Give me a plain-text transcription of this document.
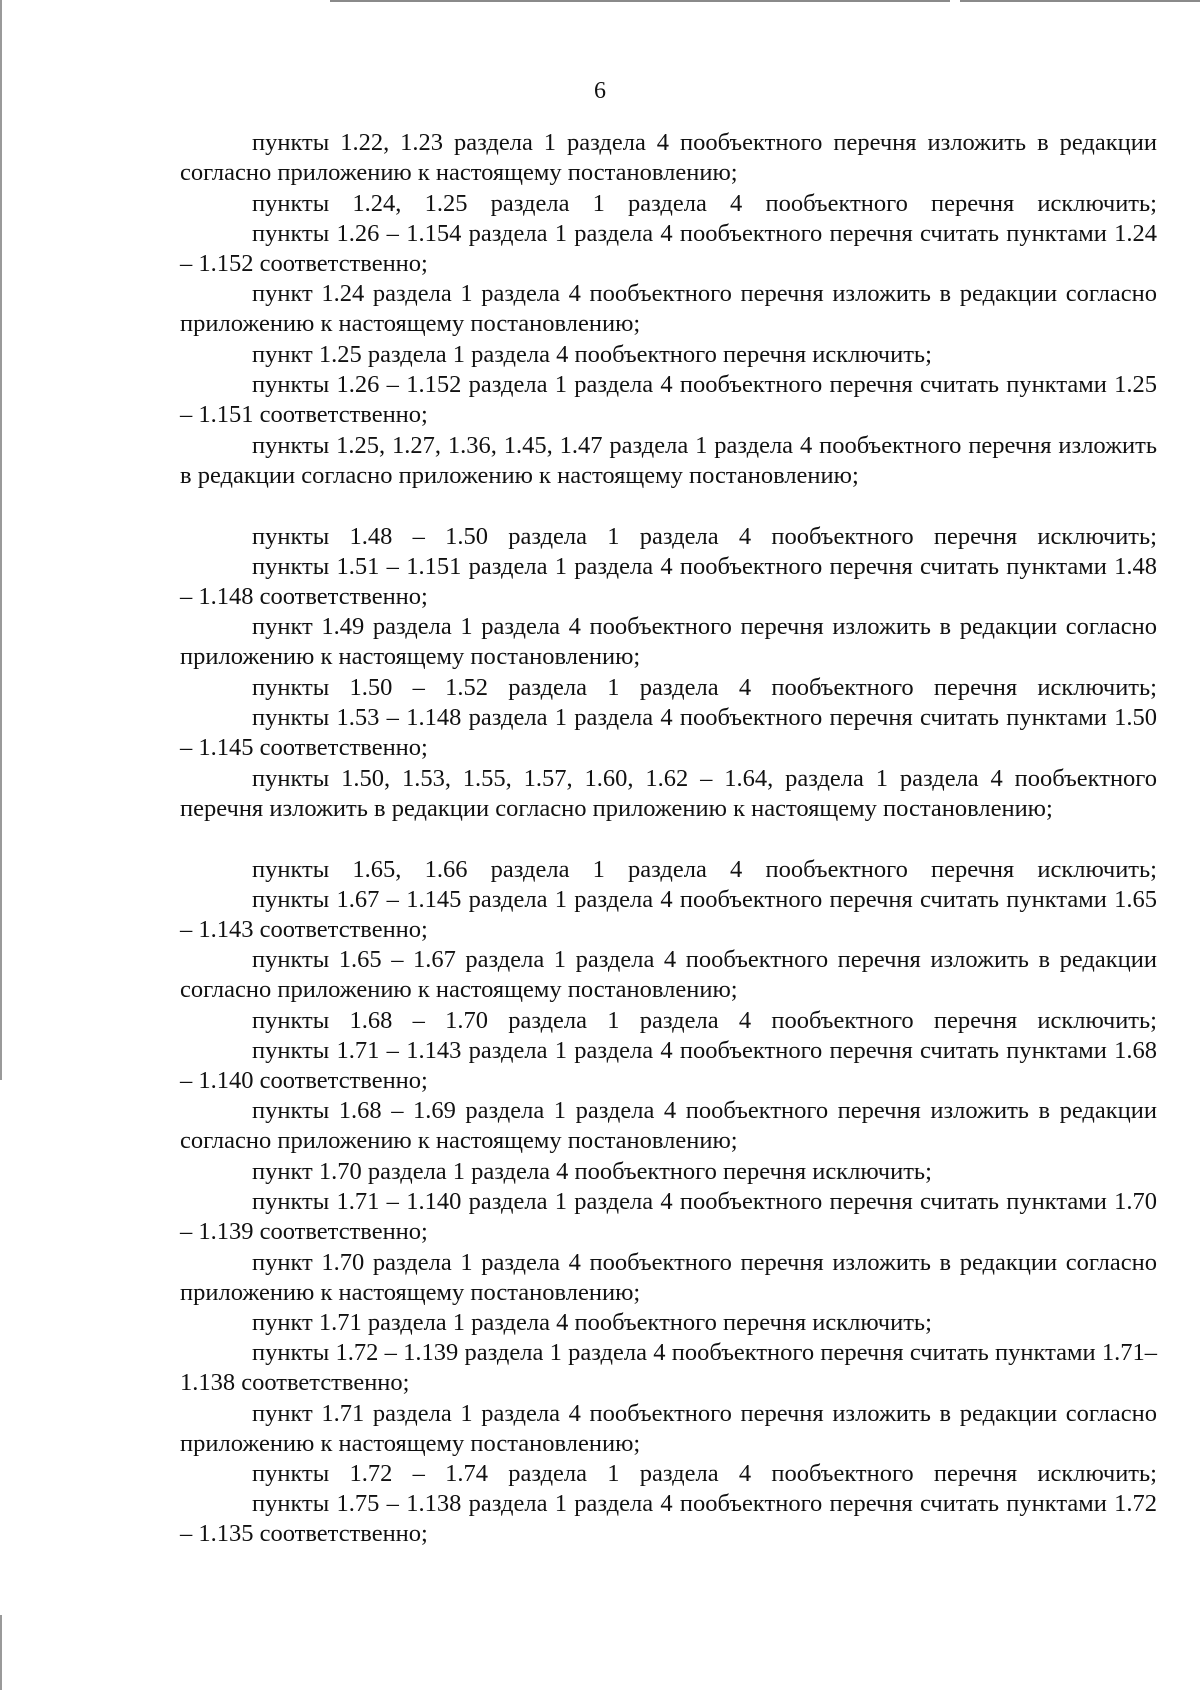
6

пункты 1.22, 1.23 раздела 1 раздела 4 пообъектного перечня изложить в редакции согласно приложению к настоящему постановлению;

пункты 1.24, 1.25 раздела 1 раздела 4 пообъектного перечня исключить;

пункты 1.26 – 1.154 раздела 1 раздела 4 пообъектного перечня считать пунктами 1.24 – 1.152 соответственно;

пункт 1.24 раздела 1 раздела 4 пообъектного перечня изложить в редакции согласно приложению к настоящему постановлению;

пункт 1.25 раздела 1 раздела 4 пообъектного перечня исключить;

пункты 1.26 – 1.152 раздела 1 раздела 4 пообъектного перечня считать пунктами 1.25 – 1.151 соответственно;

пункты 1.25, 1.27, 1.36, 1.45, 1.47 раздела 1 раздела 4 пообъектного перечня изложить в редакции согласно приложению к настоящему постановлению;

пункты 1.48 – 1.50 раздела 1 раздела 4 пообъектного перечня исключить;

пункты 1.51 – 1.151 раздела 1 раздела 4 пообъектного перечня считать пунктами 1.48 – 1.148 соответственно;

пункт 1.49 раздела 1 раздела 4 пообъектного перечня изложить в редакции согласно приложению к настоящему постановлению;

пункты 1.50 – 1.52 раздела 1 раздела 4 пообъектного перечня исключить;

пункты 1.53 – 1.148 раздела 1 раздела 4 пообъектного перечня считать пунктами 1.50 – 1.145 соответственно;

пункты 1.50, 1.53, 1.55, 1.57, 1.60, 1.62 – 1.64, раздела 1 раздела 4 пообъектного перечня изложить в редакции согласно приложению к настоящему постановлению;

пункты 1.65, 1.66 раздела 1 раздела 4 пообъектного перечня исключить;

пункты 1.67 – 1.145 раздела 1 раздела 4 пообъектного перечня считать пунктами 1.65 – 1.143 соответственно;

пункты 1.65 – 1.67 раздела 1 раздела 4 пообъектного перечня изложить в редакции согласно приложению к настоящему постановлению;

пункты 1.68 – 1.70 раздела 1 раздела 4 пообъектного перечня исключить;

пункты 1.71 – 1.143 раздела 1 раздела 4 пообъектного перечня считать пунктами 1.68 – 1.140 соответственно;

пункты 1.68 – 1.69 раздела 1 раздела 4 пообъектного перечня изложить в редакции согласно приложению к настоящему постановлению;

пункт 1.70 раздела 1 раздела 4 пообъектного перечня исключить;

пункты 1.71 – 1.140 раздела 1 раздела 4 пообъектного перечня считать пунктами 1.70 – 1.139 соответственно;

пункт 1.70 раздела 1 раздела 4 пообъектного перечня изложить в редакции согласно приложению к настоящему постановлению;

пункт 1.71 раздела 1 раздела 4 пообъектного перечня исключить;

пункты 1.72 – 1.139 раздела 1 раздела 4 пообъектного перечня считать пунктами 1.71– 1.138 соответственно;

пункт 1.71 раздела 1 раздела 4 пообъектного перечня изложить в редакции согласно приложению к настоящему постановлению;

пункты 1.72 – 1.74 раздела 1 раздела 4 пообъектного перечня исключить;

пункты 1.75 – 1.138 раздела 1 раздела 4 пообъектного перечня считать пунктами 1.72 – 1.135 соответственно;
